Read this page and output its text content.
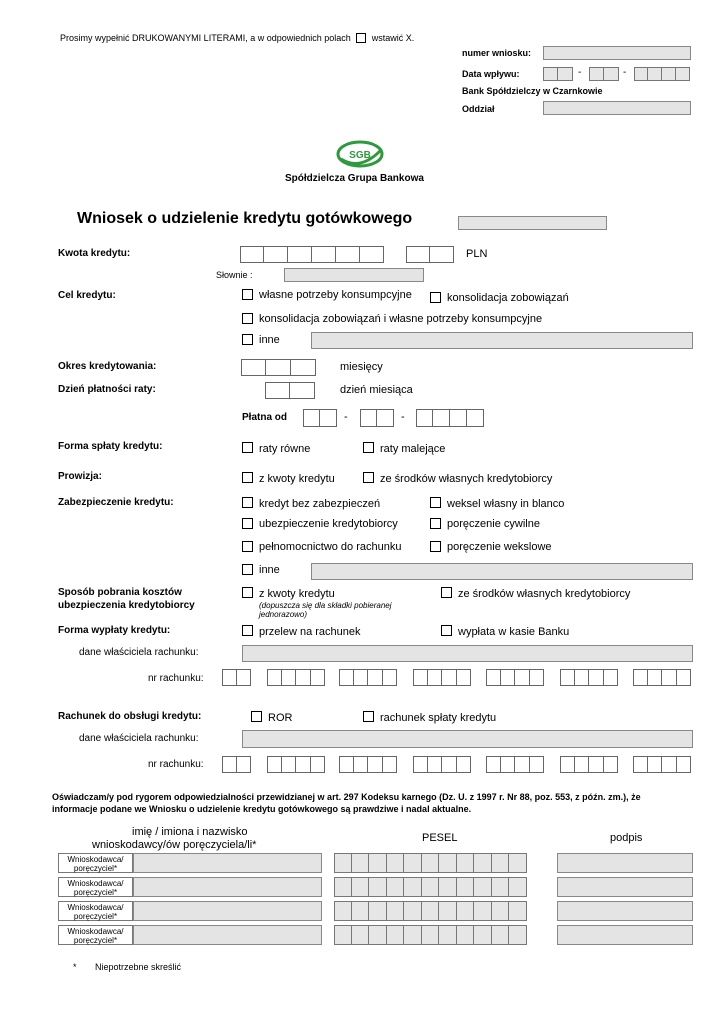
Prosimy wypełnić DRUKOWANYMI LITERAMI, a w odpowiednich polach wstawić X.
numer wniosku:
Data wpływu:	-	-
Bank Spółdzielczy w Czarnkowie
Oddział
SGB
Spółdzielcza Grupa Bankowa
Wniosek o udzielenie kredytu gotówkowego
Kwota kredytu:	PLN
Słownie :
Cel kredytu:	własne potrzeby konsumpcyjne	konsolidacja zobowiązań
konsolidacja zobowiązań i własne potrzeby konsumpcyjne
inne
Okres kredytowania:	miesięcy
Dzień płatności raty:	dzień miesiąca
Płatna od	-	-
Forma spłaty kredytu:	raty równe	raty malejące
Prowizja:	z kwoty kredytu	ze środków własnych kredytobiorcy
Zabezpieczenie kredytu:	kredyt bez zabezpieczeń	weksel własny in blanco
ubezpieczenie kredytobiorcy	poręczenie cywilne
pełnomocnictwo do rachunku	poręczenie wekslowe
inne
Sposób pobrania kosztów
ubezpieczenia kredytobiorcy
z kwoty kredytu
(dopuszcza się dla składki pobieranej
jednorazowo)
ze środków własnych kredytobiorcy
Forma wypłaty kredytu:	przelew na rachunek	wypłata w kasie Banku
dane właściciela rachunku:
nr rachunku:
Rachunek do obsługi kredytu:	ROR	rachunek spłaty kredytu
dane właściciela rachunku:
nr rachunku:
Oświadczam/y pod rygorem odpowiedzialności przewidzianej w art. 297 Kodeksu karnego (Dz. U. z 1997 r. Nr 88, poz. 553, z późn. zm.), że
informacje podane we Wniosku o udzielenie kredytu gotówkowego są prawdziwe i nadal aktualne.
imię / imiona i nazwisko
wnioskodawcy/ów poręczyciela/li*
PESEL	podpis
Wnioskodawca/
poręczyciel*
Wnioskodawca/
poręczyciel*
Wnioskodawca/
poręczyciel*
Wnioskodawca/
poręczyciel*
* Niepotrzebne skreślić
